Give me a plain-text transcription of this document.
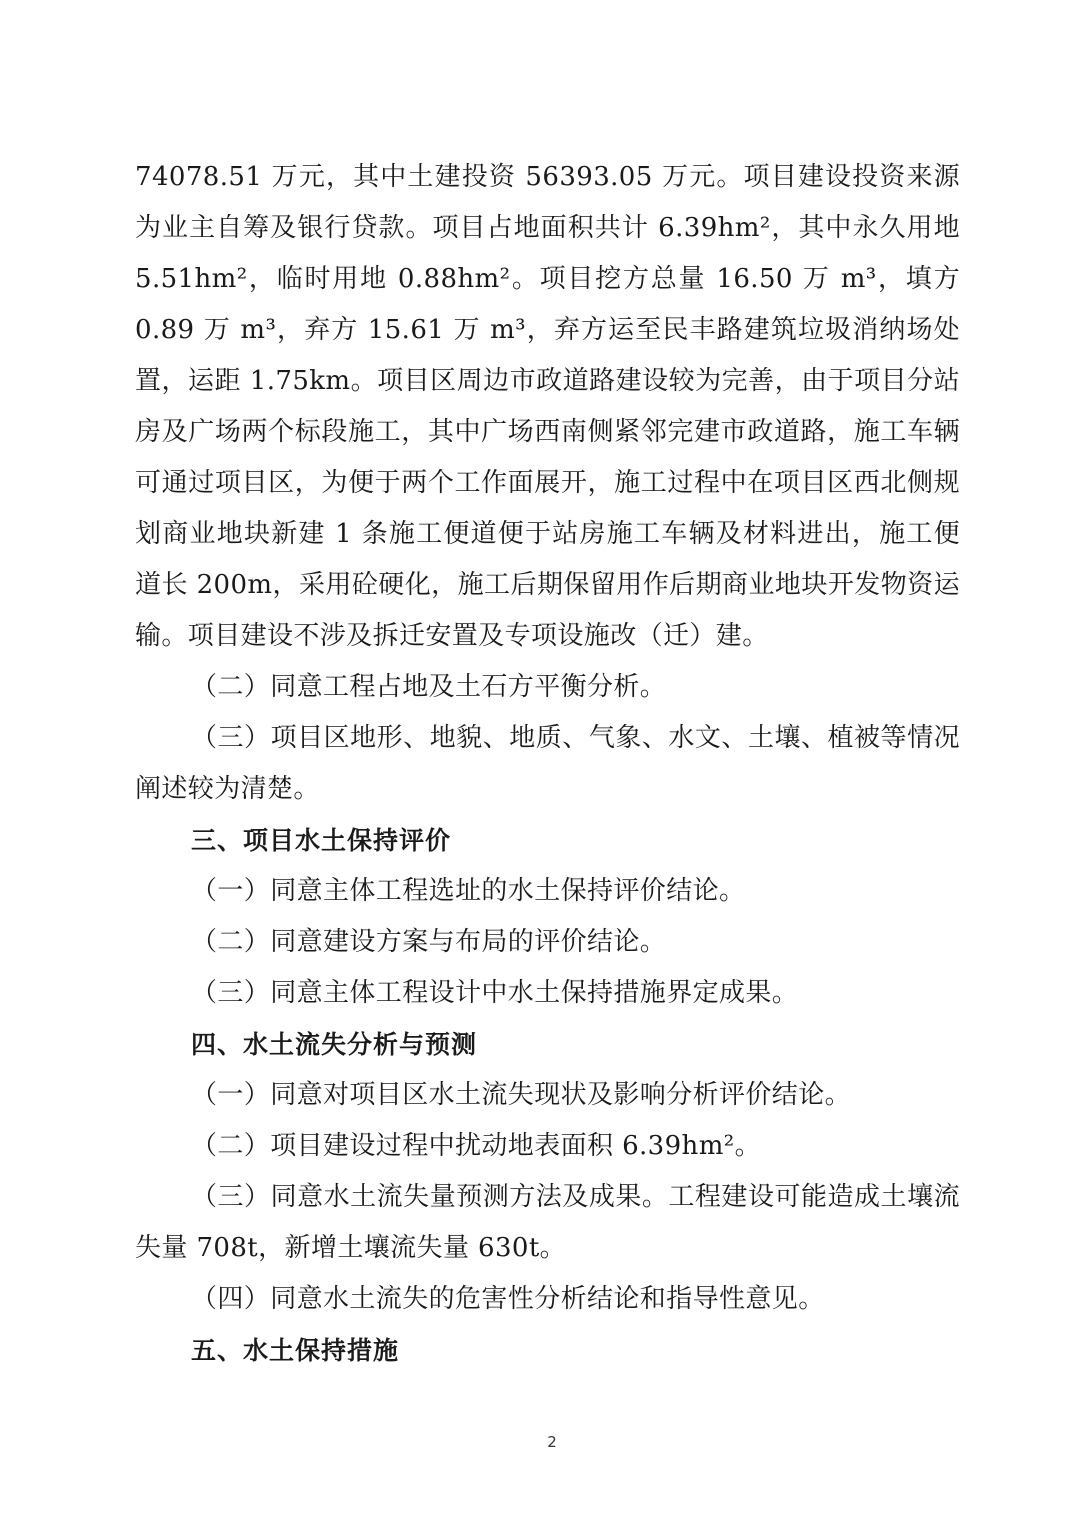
74078.51 万元，其中土建投资 56393.05 万元。项目建设投资来源为业主自筹及银行贷款。项目占地面积共计 6.39hm²，其中永久用地 5.51hm²，临时用地 0.88hm²。项目挖方总量 16.50 万 m³，填方 0.89 万 m³，弃方 15.61 万 m³，弃方运至民丰路建筑垃圾消纳场处置，运距 1.75km。项目区周边市政道路建设较为完善，由于项目分站房及广场两个标段施工，其中广场西南侧紧邻完建市政道路，施工车辆可通过项目区，为便于两个工作面展开，施工过程中在项目区西北侧规划商业地块新建 1 条施工便道便于站房施工车辆及材料进出，施工便道长 200m，采用砼硬化，施工后期保留用作后期商业地块开发物资运输。项目建设不涉及拆迁安置及专项设施改（迁）建。

（二）同意工程占地及土石方平衡分析。

（三）项目区地形、地貌、地质、气象、水文、土壤、植被等情况阐述较为清楚。

三、项目水土保持评价

（一）同意主体工程选址的水土保持评价结论。

（二）同意建设方案与布局的评价结论。

（三）同意主体工程设计中水土保持措施界定成果。

四、水土流失分析与预测

（一）同意对项目区水土流失现状及影响分析评价结论。

（二）项目建设过程中扰动地表面积 6.39hm²。

（三）同意水土流失量预测方法及成果。工程建设可能造成土壤流失量 708t，新增土壤流失量 630t。

（四）同意水土流失的危害性分析结论和指导性意见。

五、水土保持措施

2
